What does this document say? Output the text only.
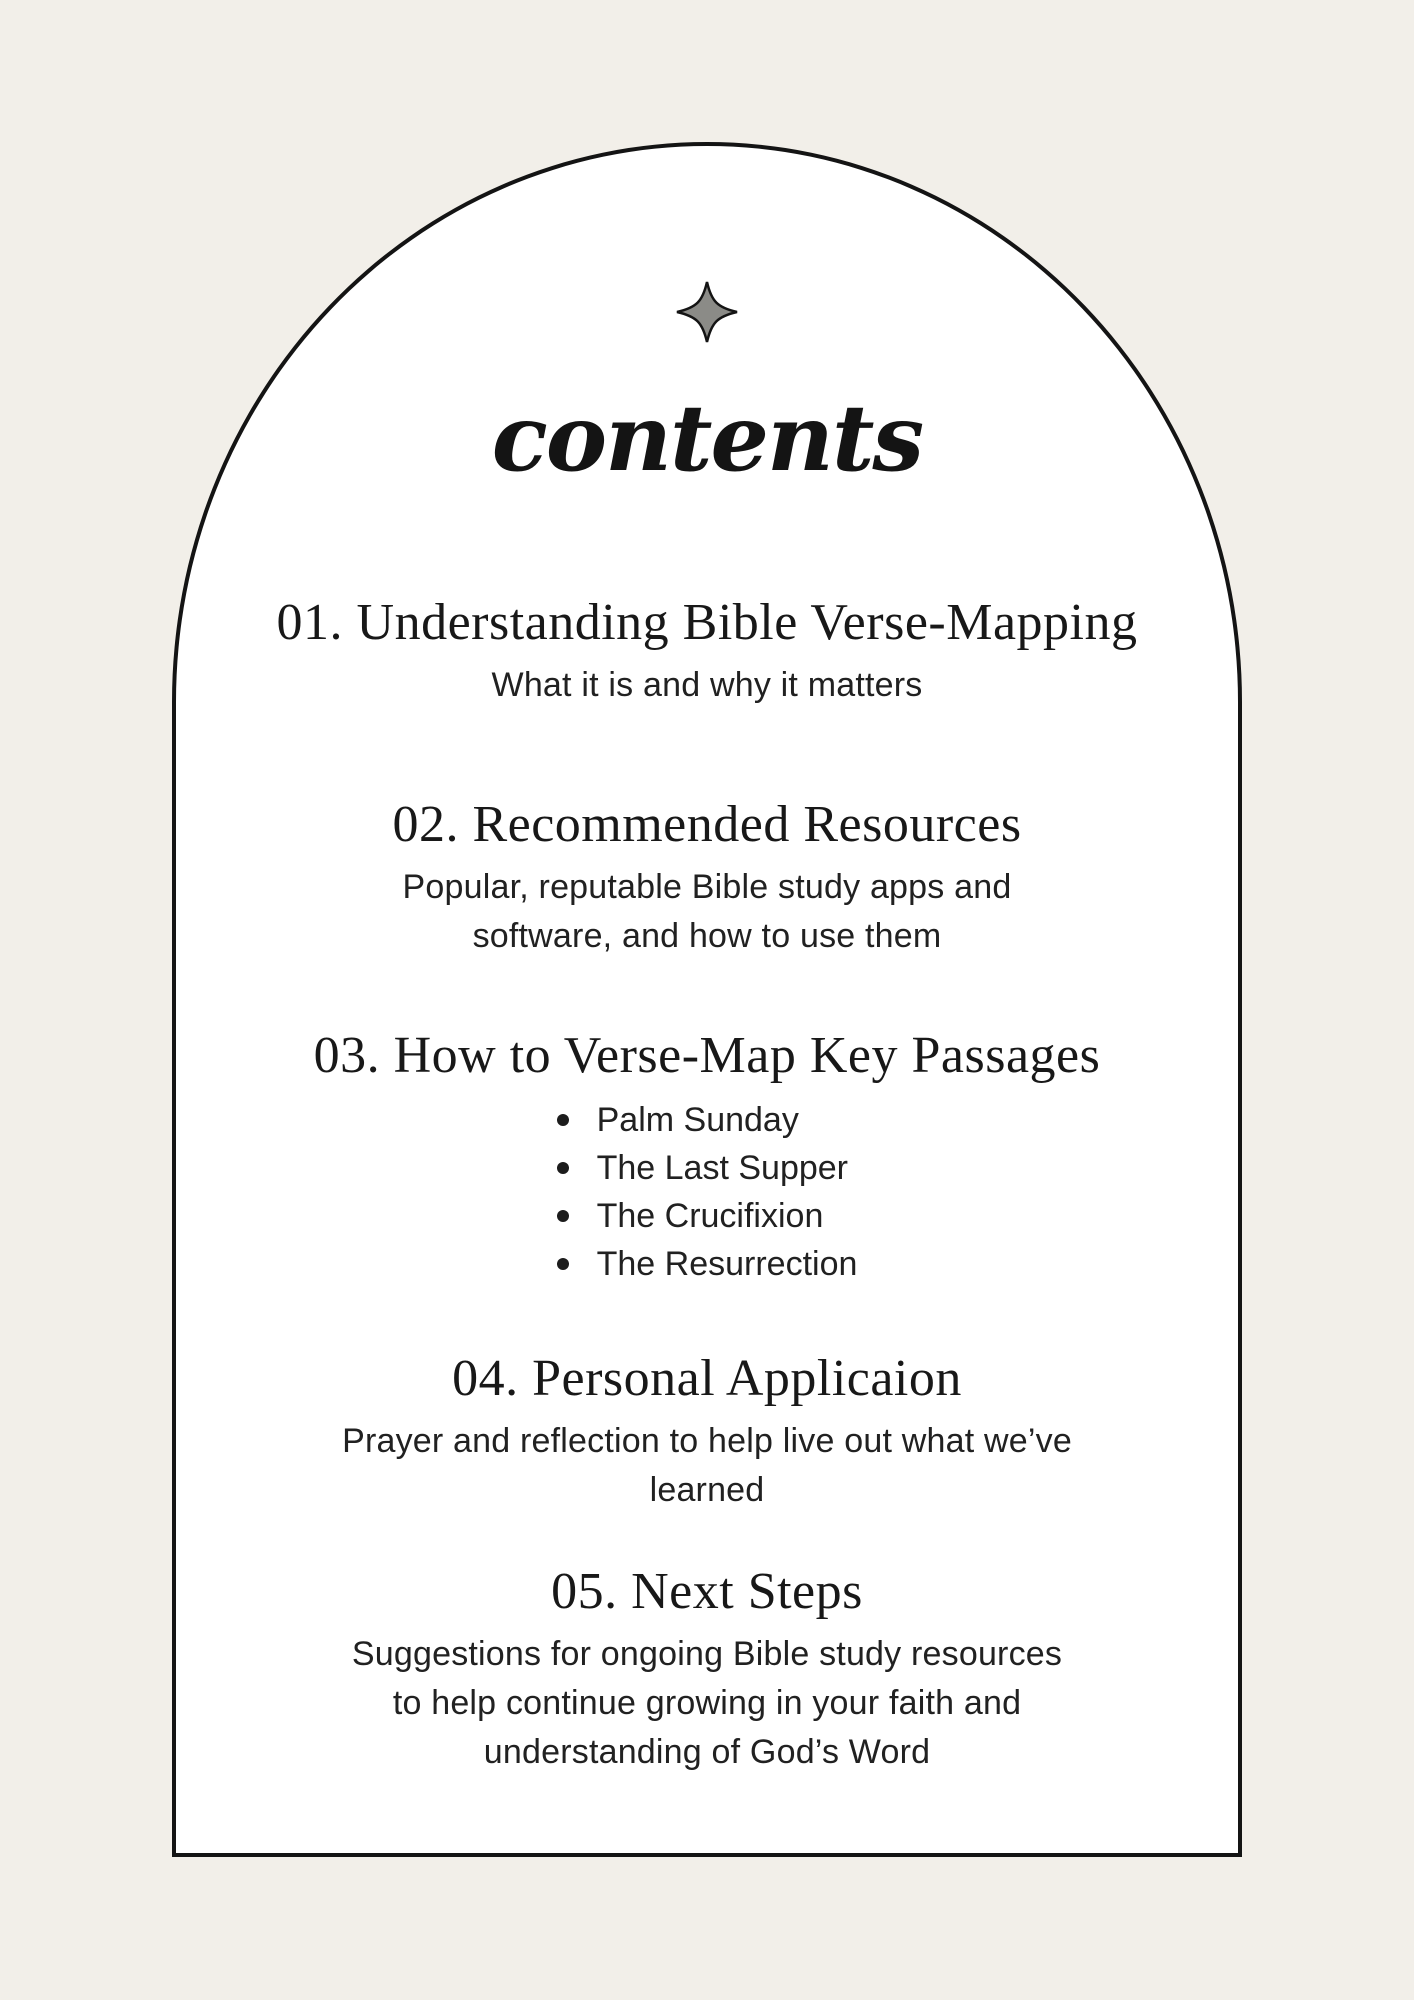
contents
01. Understanding Bible Verse-Mapping
What it is and why it matters
02. Recommended Resources
Popular, reputable Bible study apps and
software, and how to use them
03. How to Verse-Map Key Passages
Palm Sunday
The Last Supper
The Crucifixion
The Resurrection
04. Personal Applicaion
Prayer and reflection to help live out what we’ve
learned
05. Next Steps
Suggestions for ongoing Bible study resources
to help continue growing in your faith and
understanding of God’s Word
